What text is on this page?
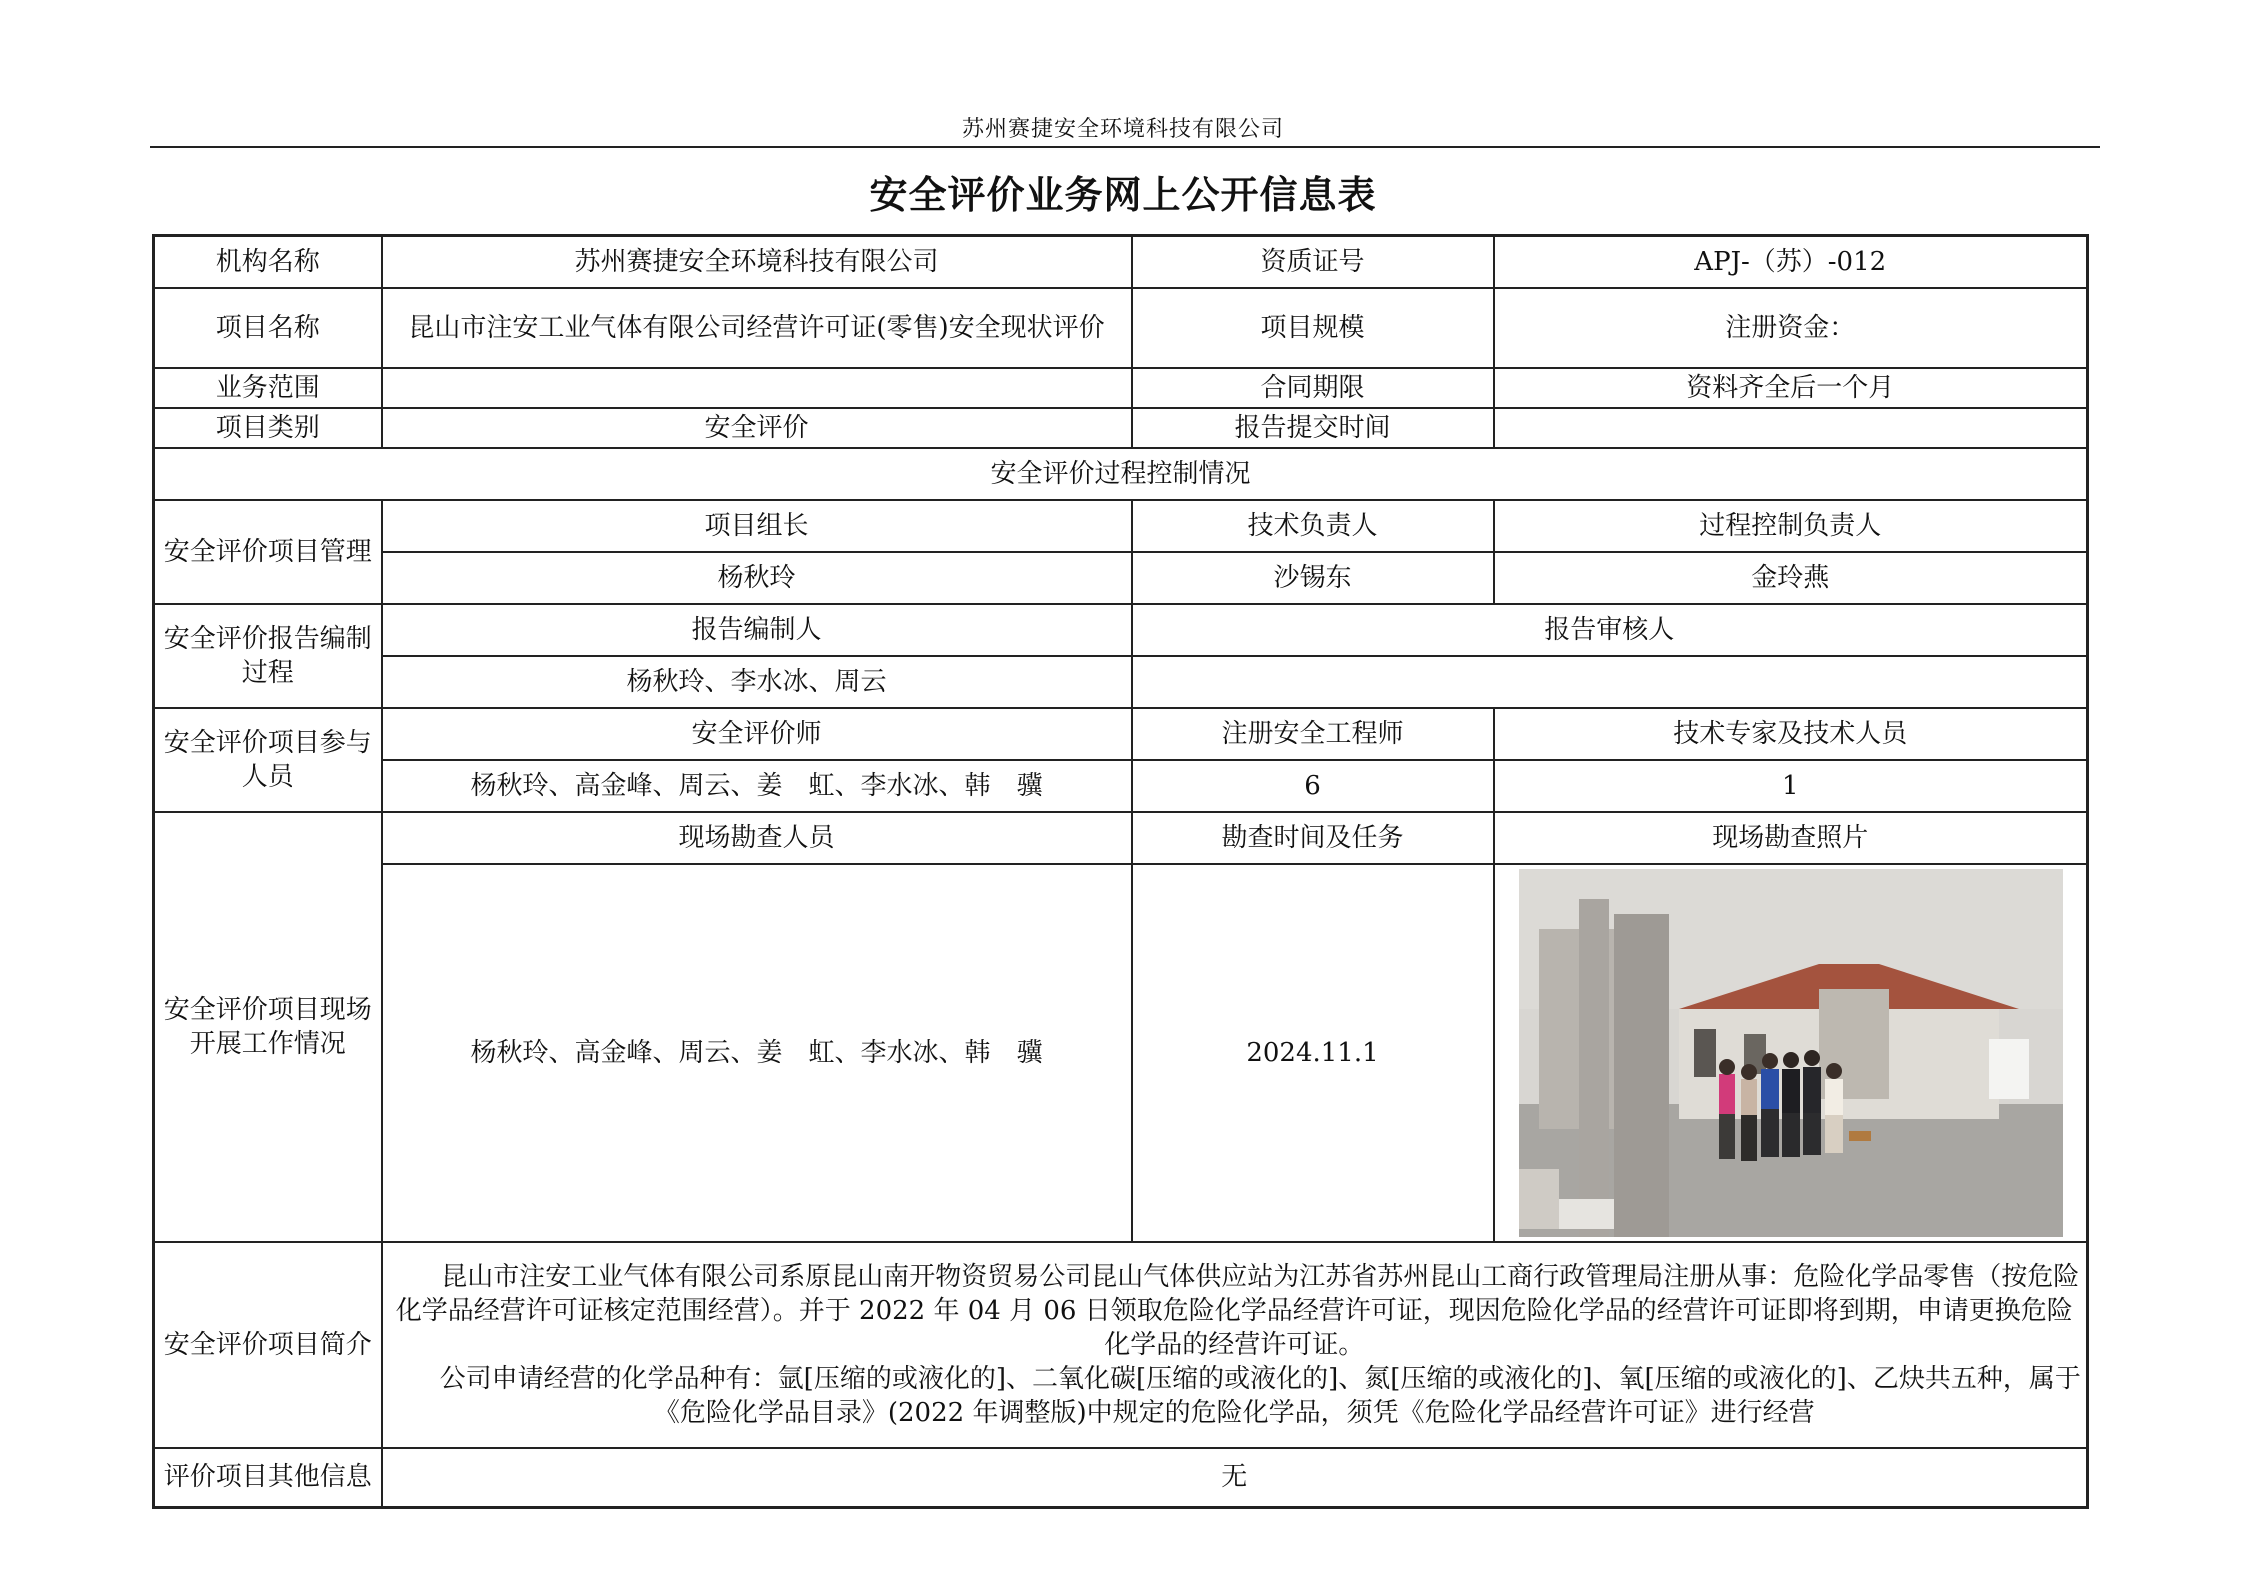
苏州赛捷安全环境科技有限公司
安全评价业务网上公开信息表
机构名称	苏州赛捷安全环境科技有限公司	资质证号	APJ-（苏）-012
项目名称	昆山市注安工业气体有限公司经营许可证(零售)安全现状评价	项目规模	注册资金：
业务范围		合同期限	资料齐全后一个月
项目类别	安全评价	报告提交时间	
安全评价过程控制情况			
安全评价项目管理	项目组长	技术负责人	过程控制负责人
	杨秋玲	沙锡东	金玲燕
安全评价报告编制过程	报告编制人	报告审核人	
	杨秋玲、李水冰、周云		
安全评价项目参与人员	安全评价师	注册安全工程师	技术专家及技术人员
	杨秋玲、高金峰、周云、姜　虹、李水冰、韩　骥	6	1
安全评价项目现场开展工作情况	现场勘查人员	勘查时间及任务	现场勘查照片
	杨秋玲、高金峰、周云、姜　虹、李水冰、韩　骥	2024.11.1	

安全评价项目简介	昆山市注安工业气体有限公司系原昆山南开物资贸易公司昆山气体供应站为江苏省苏州昆山工商行政管理局注册从事：危险化学品零售（按危险化学品经营许可证核定范围经营）。并于 2022 年 04 月 06 日领取危险化学品经营许可证，现因危险化学品的经营许可证即将到期，申请更换危险化学品的经营许可证。

公司申请经营的化学品种有：氩[压缩的或液化的]、二氧化碳[压缩的或液化的]、氮[压缩的或液化的]、氧[压缩的或液化的]、乙炔共五种，属于《危险化学品目录》(2022 年调整版)中规定的危险化学品，须凭《危险化学品经营许可证》进行经营		

评价项目其他信息	无		
